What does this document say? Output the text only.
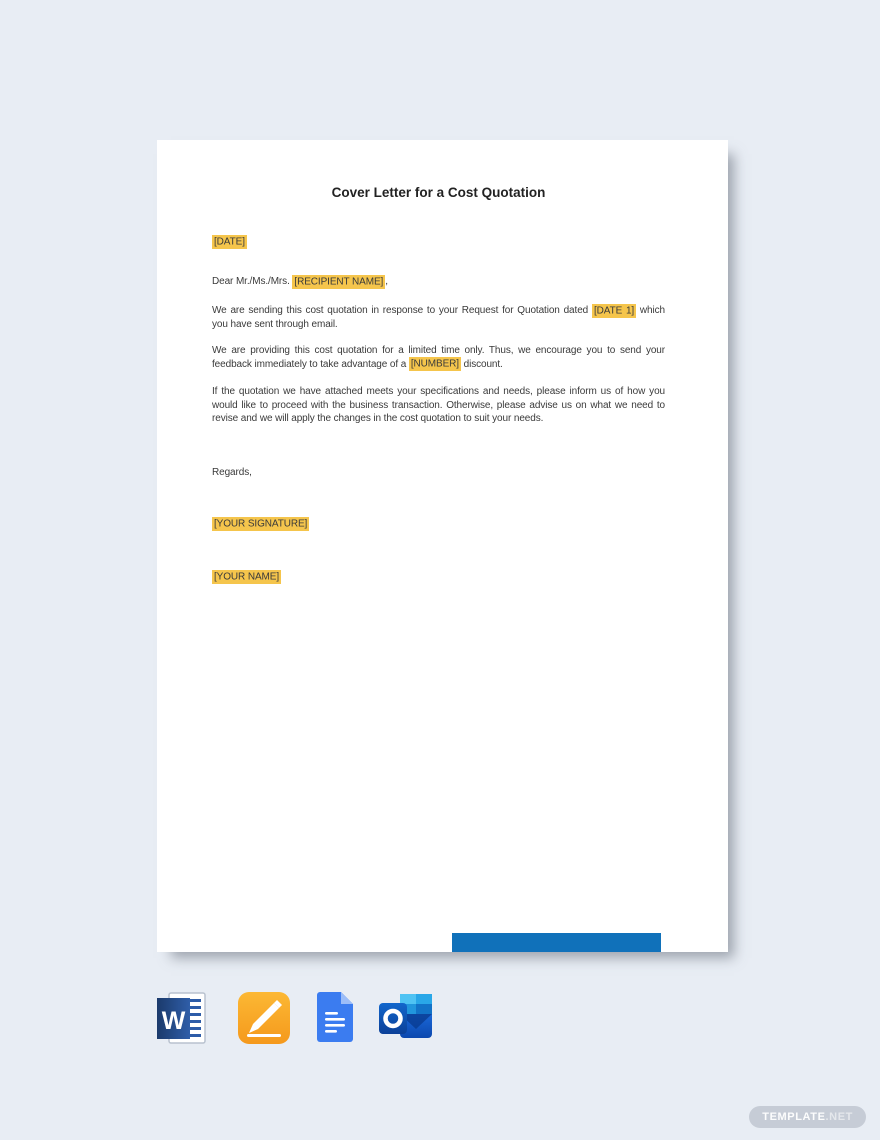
Cover Letter for a Cost Quotation
[DATE]
Dear Mr./Ms./Mrs. [RECIPIENT NAME] ,
We are sending this cost quotation in response to your Request for Quotation dated [DATE 1] which you have sent through email.
We are providing this cost quotation for a limited time only. Thus, we encourage you to send your feedback immediately to take advantage of a [NUMBER] discount.
If the quotation we have attached meets your specifications and needs, please inform us of how you would like to proceed with the business transaction. Otherwise, please advise us on what we need to revise and we will apply the changes in the cost quotation to suit your needs.
Regards,
[YOUR SIGNATURE]
[YOUR NAME]
W
TEMPLATE .NET
